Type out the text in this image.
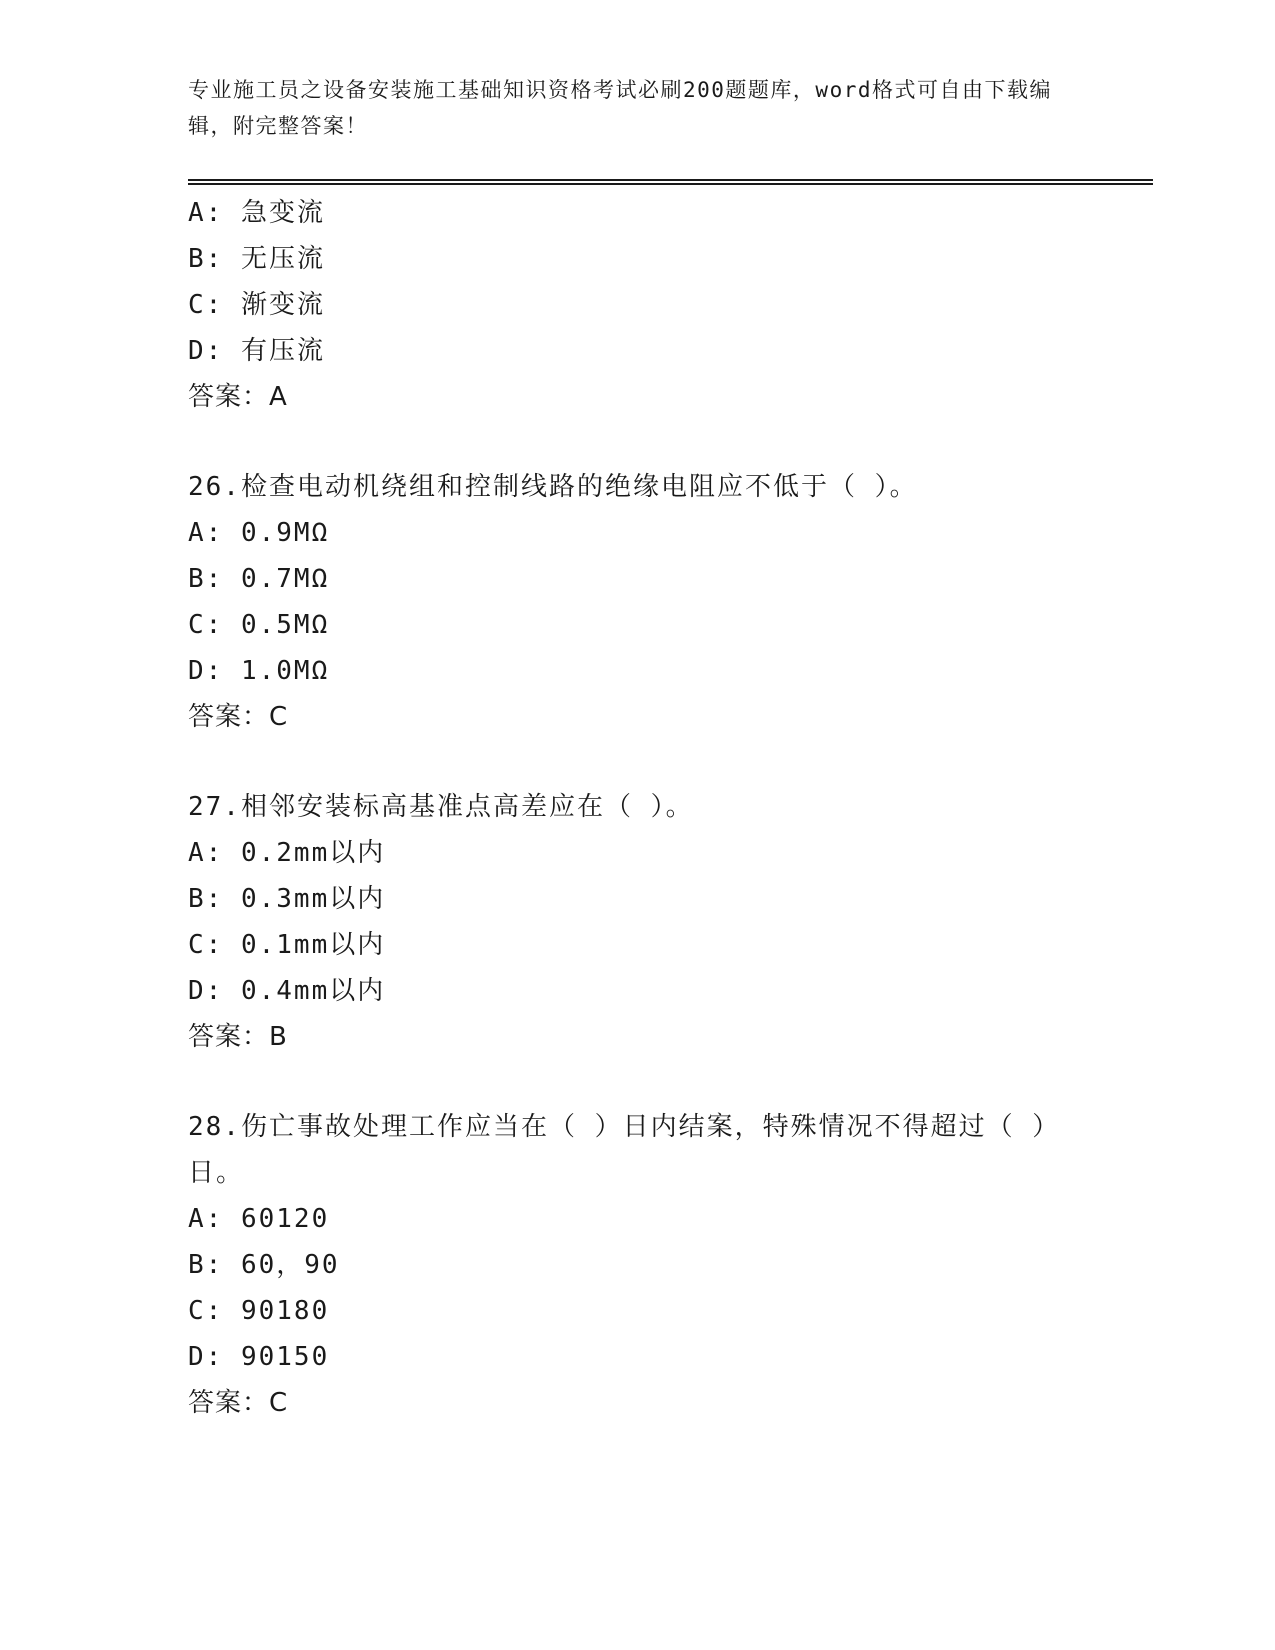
专业施工员之设备安装施工基础知识资格考试必刷200题题库，word格式可自由下载编辑，附完整答案！
A: 急变流
B: 无压流
C: 渐变流
D: 有压流
答案：A
26.检查电动机绕组和控制线路的绝缘电阻应不低于（ ）。
A: 0.9MΩ
B: 0.7MΩ
C: 0.5MΩ
D: 1.0MΩ
答案：C
27.相邻安装标高基准点高差应在（ ）。
A: 0.2mm以内
B: 0.3mm以内
C: 0.1mm以内
D: 0.4mm以内
答案：B
28.伤亡事故处理工作应当在（ ）日内结案，特殊情况不得超过（ ）日。
A: 60120
B: 60，90
C: 90180
D: 90150
答案：C
